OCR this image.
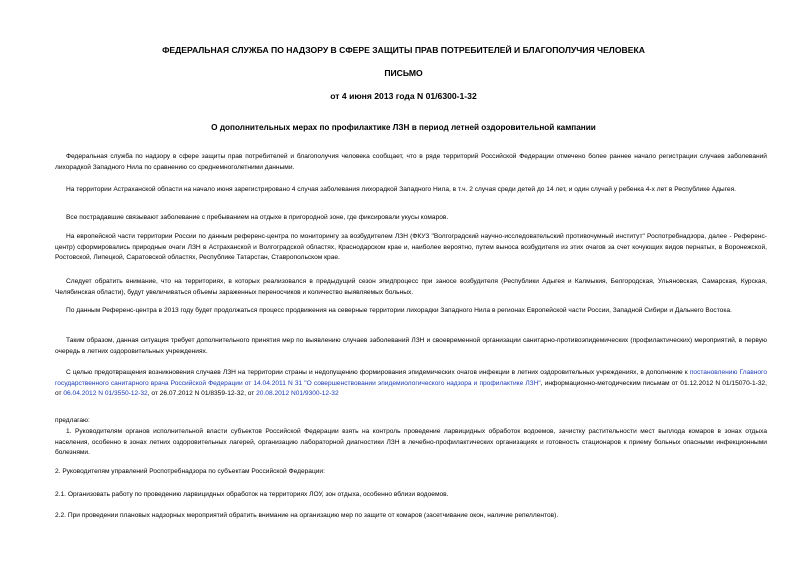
ФЕДЕРАЛЬНАЯ СЛУЖБА ПО НАДЗОРУ В СФЕРЕ ЗАЩИТЫ ПРАВ ПОТРЕБИТЕЛЕЙ И БЛАГОПОЛУЧИЯ ЧЕЛОВЕКА
ПИСЬМО
от 4 июня 2013 года N 01/6300-1-32
О дополнительных мерах по профилактике ЛЗН в период летней оздоровительной кампании
Федеральная служба по надзору в сфере защиты прав потребителей и благополучия человека сообщает, что в ряде территорий Российской Федерации отмечено более раннее начало регистрации случаев заболеваний лихорадкой Западного Нила по сравнению со среднемноголетними данными.
На территории Астраханской области на начало июня зарегистрировано 4 случая заболевания лихорадкой Западного Нила, в т.ч. 2 случая среди детей до 14 лет, и один случай у ребенка 4-х лет в Республике Адыгея.
Все пострадавшие связывают заболевание с пребыванием на отдыхе в пригородной зоне, где фиксировали укусы комаров.
На европейской части территории России по данным референс-центра по мониторингу за возбудителем ЛЗН (ФКУЗ "Волгоградский научно-исследовательский противочумный институт" Роспотребнадзора, далее - Референс-центр) сформировались природные очаги ЛЗН в Астраханской и Волгоградской областях, Краснодарском крае и, наиболее вероятно, путем выноса возбудителя из этих очагов за счет кочующих видов пернатых, в Воронежской, Ростовской, Липецкой, Саратовской областях, Республике Татарстан, Ставропольском крае.
Следует обратить внимание, что на территориях, в которых реализовался в предыдущий сезон эпидпроцесс при заносе возбудителя (Республики Адыгея и Калмыкия, Белгородская, Ульяновская, Самарская, Курская, Челябинская области), будут увеличиваться объемы зараженных переносчиков и количество выявляемых больных.
По данным Референс-центра в 2013 году будет продолжаться процесс продвижения на северные территории лихорадки Западного Нила в регионах Европейской части России, Западной Сибири и Дальнего Востока.
Таким образом, данная ситуация требует дополнительного принятия мер по выявлению случаев заболеваний ЛЗН и своевременной организации санитарно-противоэпидемических (профилактических) мероприятий, в первую очередь в летних оздоровительных учреждениях.
С целью предотвращения возникновения случаев ЛЗН на территории страны и недопущению формирования эпидемических очагов инфекции в летних оздоровительных учреждениях, в дополнение к постановлению Главного государственного санитарного врача Российской Федерации от 14.04.2011 N 31 "О совершенствовании эпидемиологического надзора и профилактике ЛЗН", информационно-методическим письмам от 01.12.2012 N 01/15070-1-32, от 06.04.2012 N 01/3550-12-32, от 26.07.2012 N 01/8359-12-32, от 20.08.2012 N01/9300-12-32
предлагаю:
1. Руководителям органов исполнительной власти субъектов Российской Федерации взять на контроль проведение ларвицидных обработок водоемов, зачистку растительности мест выплода комаров в зонах отдыха населения, особенно в зонах летних оздоровительных лагерей, организацию лабораторной диагностики ЛЗН в лечебно-профилактических организациях и готовность стационаров к приему больных опасными инфекционными болезнями.
2. Руководителям управлений Роспотребнадзора по субъектам Российской Федерации:
2.1. Организовать работу по проведению ларвицидных обработок на территориях ЛОУ, зон отдыха, особенно вблизи водоемов.
2.2. При проведении плановых надзорных мероприятий обратить внимание на организацию мер по защите от комаров (засетчивание окон, наличие репеллентов).
